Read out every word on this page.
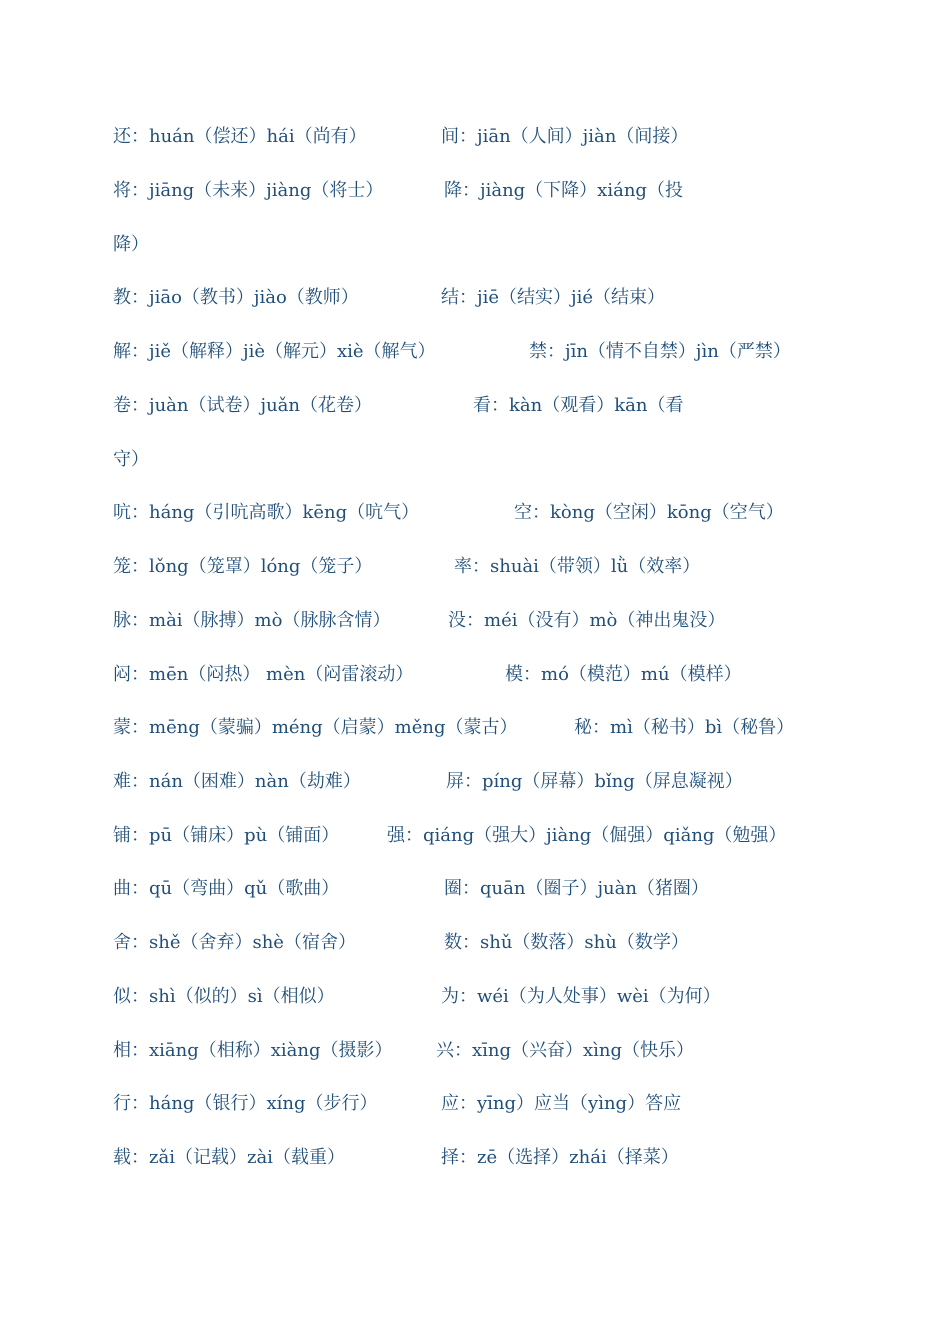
还：huán（偿还）hái（尚有）	间：jiān（人间）jiàn（间接）
将：jiāng（未来）jiàng（将士）	降：jiàng（下降）xiáng（投
降）
教：jiāo（教书）jiào（教师）	结：jiē（结实）jié（结束）
解：jiě（解释）jiè（解元）xiè（解气）	禁：jīn（情不自禁）jìn（严禁）
卷：juàn（试卷）juǎn（花卷）	看：kàn（观看）kān（看
守）
吭：háng（引吭高歌）kēng（吭气）	空：kòng（空闲）kōng（空气）
笼：lǒng（笼罩）lóng（笼子）	率：shuài（带领）lǜ（效率）
脉：mài（脉搏）mò（脉脉含情）	没：méi（没有）mò（神出鬼没）
闷：mēn（闷热） mèn（闷雷滚动）	模：mó（模范）mú（模样）
蒙：mēng（蒙骗）méng（启蒙）měng（蒙古）	秘：mì（秘书）bì（秘鲁）
难：nán（困难）nàn（劫难）	屏：píng（屏幕）bǐng（屏息凝视）
铺：pū（铺床）pù（铺面）	强：qiáng（强大）jiàng（倔强）qiǎng（勉强）
曲：qū（弯曲）qǔ（歌曲）	圈：quān（圈子）juàn（猪圈）
舍：shě（舍弃）shè（宿舍）	数：shǔ（数落）shù（数学）
似：shì（似的）sì（相似）	为：wéi（为人处事）wèi（为何）
相：xiāng（相称）xiàng（摄影） 兴：xīng（兴奋）xìng（快乐）
行：háng（银行）xíng（步行）	应：yīng）应当（yìng）答应
载：zǎi（记载）zài（载重）	择：zē（选择）zhái（择菜）
